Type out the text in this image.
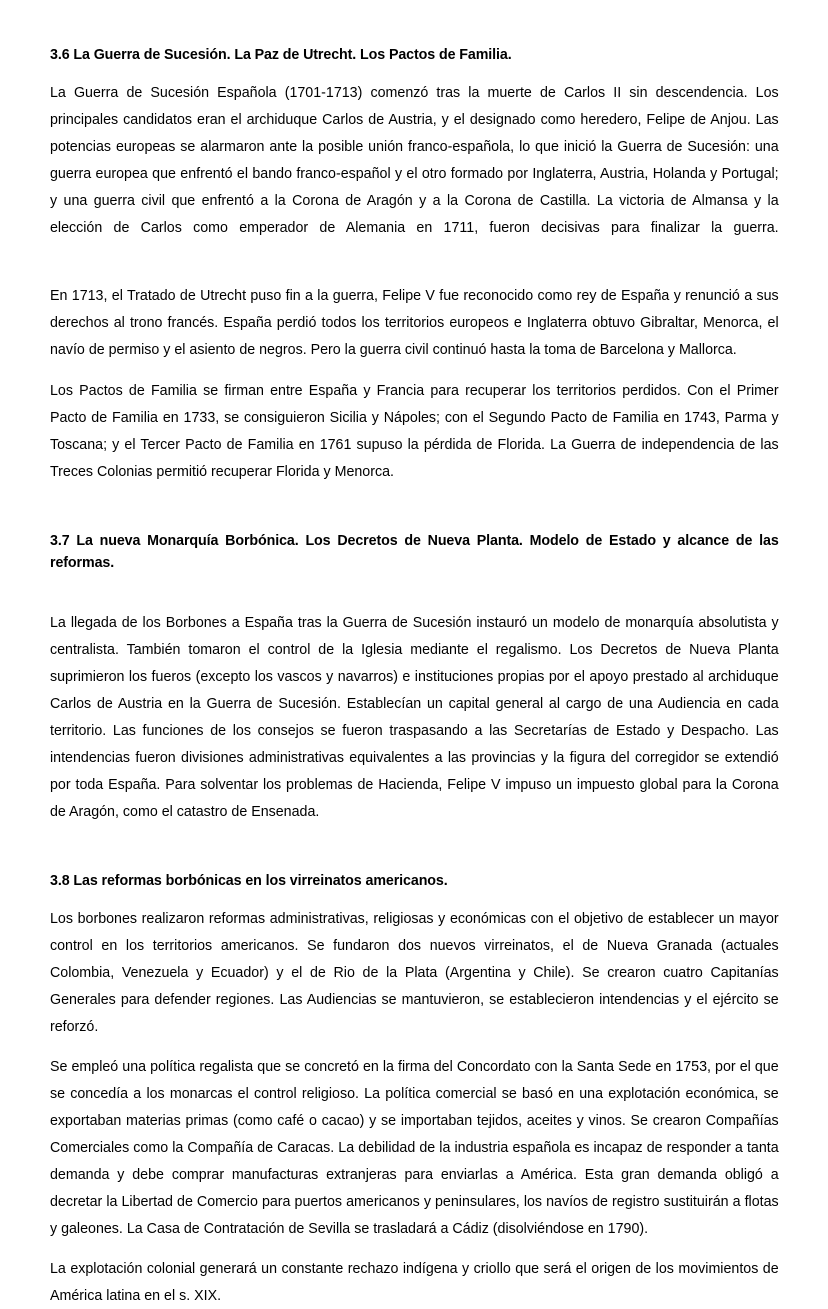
3.6 La Guerra de Sucesión. La Paz de Utrecht. Los Pactos de Familia.

La Guerra de Sucesión Española (1701-1713) comenzó tras la muerte de Carlos II sin descendencia. Los principales candidatos eran el archiduque Carlos de Austria, y el designado como heredero, Felipe de Anjou. Las potencias europeas se alarmaron ante la posible unión franco-española, lo que inició la Guerra de Sucesión: una guerra europea que enfrentó el bando franco-español y el otro formado por Inglaterra, Austria, Holanda y Portugal; y una guerra civil que enfrentó a la Corona de Aragón y a la Corona de Castilla. La victoria de Almansa y la elección de Carlos como emperador de Alemania en 1711, fueron decisivas para finalizar la guerra.

En 1713, el Tratado de Utrecht puso fin a la guerra, Felipe V fue reconocido como rey de España y renunció a sus derechos al trono francés. España perdió todos los territorios europeos e Inglaterra obtuvo Gibraltar, Menorca, el navío de permiso y el asiento de negros. Pero la guerra civil continuó hasta la toma de Barcelona y Mallorca.

Los Pactos de Familia se firman entre España y Francia para recuperar los territorios perdidos. Con el Primer Pacto de Familia en 1733, se consiguieron Sicilia y Nápoles; con el Segundo Pacto de Familia en 1743, Parma y Toscana; y el Tercer Pacto de Familia en 1761 supuso la pérdida de Florida. La Guerra de independencia de las Treces Colonias permitió recuperar Florida y Menorca.

3.7 La nueva Monarquía Borbónica. Los Decretos de Nueva Planta. Modelo de Estado y alcance de las reformas.

La llegada de los Borbones a España tras la Guerra de Sucesión instauró un modelo de monarquía absolutista y centralista. También tomaron el control de la Iglesia mediante el regalismo. Los Decretos de Nueva Planta suprimieron los fueros (excepto los vascos y navarros) e instituciones propias por el apoyo prestado al archiduque Carlos de Austria en la Guerra de Sucesión. Establecían un capital general al cargo de una Audiencia en cada territorio. Las funciones de los consejos se fueron traspasando a las Secretarías de Estado y Despacho. Las intendencias fueron divisiones administrativas equivalentes a las provincias y la figura del corregidor se extendió por toda España. Para solventar los problemas de Hacienda, Felipe V impuso un impuesto global para la Corona de Aragón, como el catastro de Ensenada.

3.8 Las reformas borbónicas en los virreinatos americanos.

Los borbones realizaron reformas administrativas, religiosas y económicas con el objetivo de establecer un mayor control en los territorios americanos. Se fundaron dos nuevos virreinatos, el de Nueva Granada (actuales Colombia, Venezuela y Ecuador) y el de Rio de la Plata (Argentina y Chile). Se crearon cuatro Capitanías Generales para defender regiones. Las Audiencias se mantuvieron, se establecieron intendencias y el ejército se reforzó.

Se empleó una política regalista que se concretó en la firma del Concordato con la Santa Sede en 1753, por el que se concedía a los monarcas el control religioso. La política comercial se basó en una explotación económica, se exportaban materias primas (como café o cacao) y se importaban tejidos, aceites y vinos. Se crearon Compañías Comerciales como la Compañía de Caracas. La debilidad de la industria española es incapaz de responder a tanta demanda y debe comprar manufacturas extranjeras para enviarlas a América. Esta gran demanda obligó a decretar la Libertad de Comercio para puertos americanos y peninsulares, los navíos de registro sustituirán a flotas y galeones. La Casa de Contratación de Sevilla se trasladará a Cádiz (disolviéndose en 1790).

La explotación colonial generará un constante rechazo indígena y criollo que será el origen de los movimientos de América latina en el s. XIX.
